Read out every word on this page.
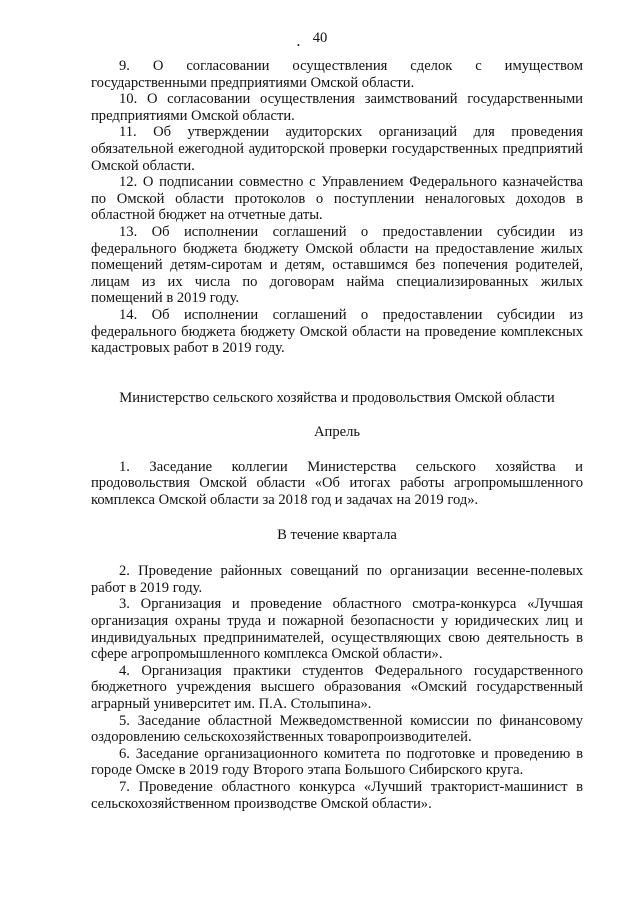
40
•

9. О согласовании осуществления сделок с имуществом государственными предприятиями Омской области.

10. О согласовании осуществления заимствований государственными предприятиями Омской области.

11. Об утверждении аудиторских организаций для проведения обязательной ежегодной аудиторской проверки государственных предприятий Омской области.

12. О подписании совместно с Управлением Федерального казначейства по Омской области протоколов о поступлении неналоговых доходов в областной бюджет на отчетные даты.

13. Об исполнении соглашений о предоставлении субсидии из федерального бюджета бюджету Омской области на предоставление жилых помещений детям-сиротам и детям, оставшимся без попечения родителей, лицам из их числа по договорам найма специализированных жилых помещений в 2019 году.

14. Об исполнении соглашений о предоставлении субсидии из федерального бюджета бюджету Омской области на проведение комплексных кадастровых работ в 2019 году.

Министерство сельского хозяйства и продовольствия Омской области

Апрель

1. Заседание коллегии Министерства сельского хозяйства и продовольствия Омской области «Об итогах работы агропромышленного комплекса Омской области за 2018 год и задачах на 2019 год».

В течение квартала

2. Проведение районных совещаний по организации весенне-полевых работ в 2019 году.

3. Организация и проведение областного смотра-конкурса «Лучшая организация охраны труда и пожарной безопасности у юридических лиц и индивидуальных предпринимателей, осуществляющих свою деятельность в сфере агропромышленного комплекса Омской области».

4. Организация практики студентов Федерального государственного бюджетного учреждения высшего образования «Омский государственный аграрный университет им. П.А. Столыпина».

5. Заседание областной Межведомственной комиссии по финансовому оздоровлению сельскохозяйственных товаропроизводителей.

6. Заседание организационного комитета по подготовке и проведению в городе Омске в 2019 году Второго этапа Большого Сибирского круга.

7. Проведение областного конкурса «Лучший тракторист-машинист в сельскохозяйственном производстве Омской области».
